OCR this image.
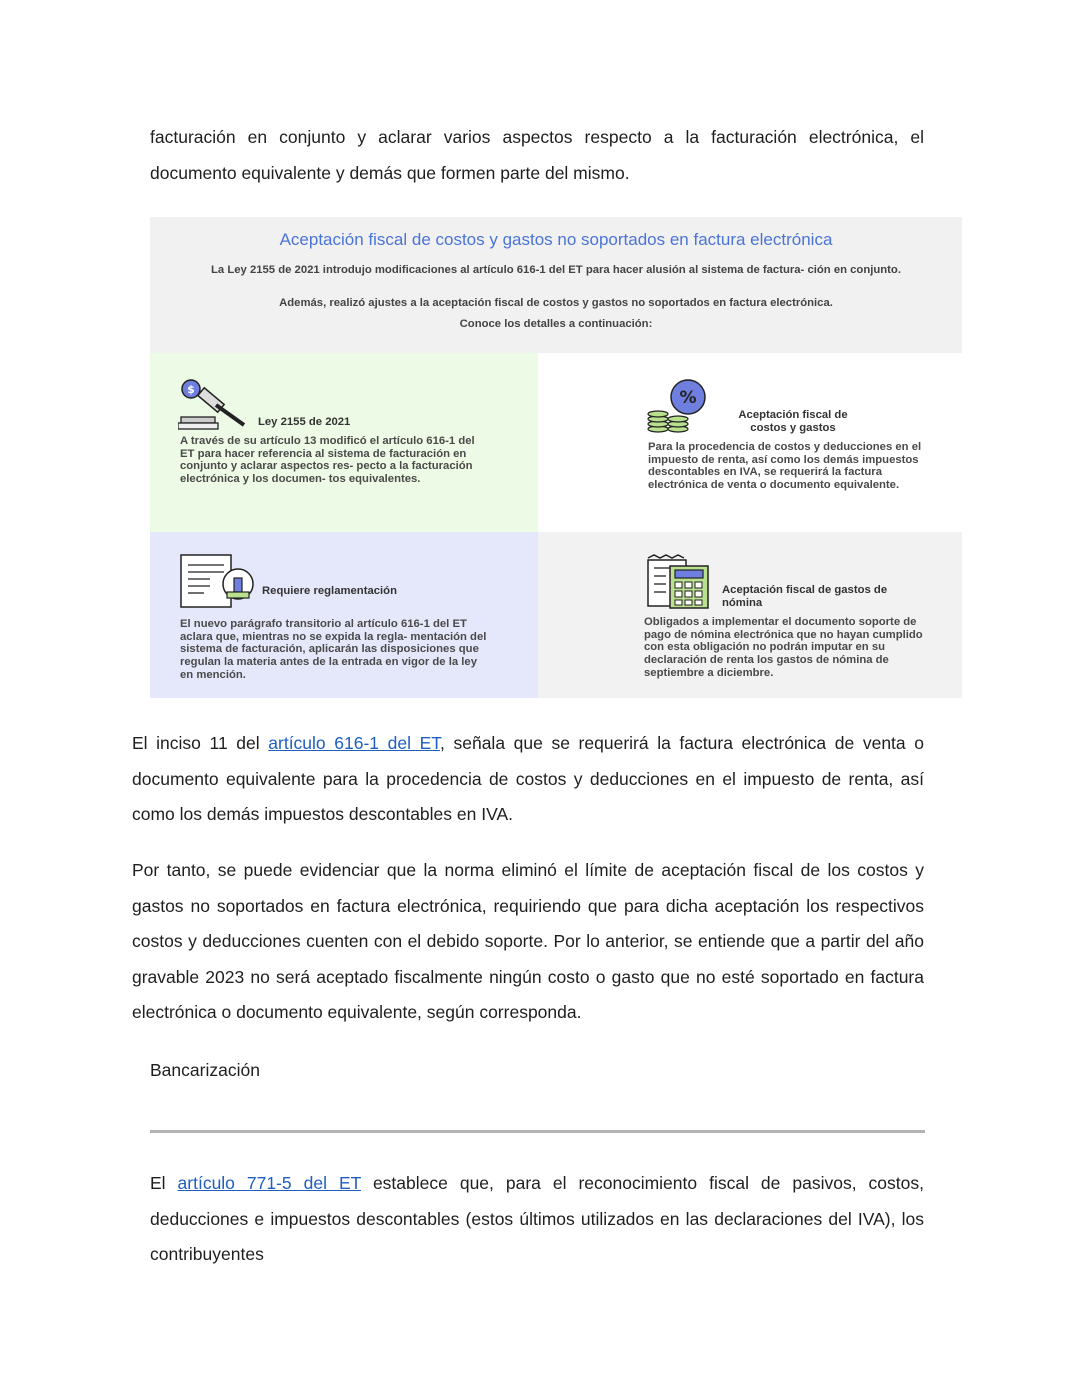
facturación en conjunto y aclarar varios aspectos respecto a la facturación electrónica, el
documento equivalente y demás que formen parte del mismo.

Aceptación fiscal de costos y gastos no soportados en factura electrónica
La Ley 2155 de 2021 introdujo modificaciones al artículo 616-1 del ET para hacer alusión al sistema de factura- ción en conjunto.
Además, realizó ajustes a la aceptación fiscal de costos y gastos no soportados en factura electrónica.
Conoce los detalles a continuación:
$
Ley 2155 de 2021
A través de su artículo 13 modificó el artículo 616-1 del ET para hacer referencia al sistema de facturación en conjunto y aclarar aspectos res- pecto a la facturación electrónica y los documen- tos equivalentes.
%
Aceptación fiscal de costos y gastos
Para la procedencia de costos y deducciones en el impuesto de renta, así como los demás impuestos descontables en IVA, se requerirá la factura electrónica de venta o documento equivalente.
Requiere reglamentación
El nuevo parágrafo transitorio al artículo 616-1 del ET aclara que, mientras no se expida la regla- mentación del sistema de facturación, aplicarán las disposiciones que regulan la materia antes de la entrada en vigor de la ley en mención.
Aceptación fiscal de gastos de nómina
Obligados a implementar el documento soporte de pago de nómina electrónica que no hayan cumplido con esta obligación no podrán imputar en su declaración de renta los gastos de nómina de septiembre a diciembre.

El inciso 11 del artículo 616-1 del ET, señala que se requerirá la factura electrónica de venta o documento equivalente para la procedencia de costos y deducciones en el impuesto de renta, así como los demás impuestos descontables en IVA.

Por tanto, se puede evidenciar que la norma eliminó el límite de aceptación fiscal de los costos y gastos no soportados en factura electrónica, requiriendo que para dicha aceptación los respectivos costos y deducciones cuenten con el debido soporte. Por lo anterior, se entiende que a partir del año gravable 2023 no será aceptado fiscalmente ningún costo o gasto que no esté soportado en factura electrónica o documento equivalente, según corresponda.

Bancarización

El artículo 771-5 del ET establece que, para el reconocimiento fiscal de pasivos, costos, deducciones e impuestos descontables (estos últimos utilizados en las declaraciones del IVA), los contribuyentes
